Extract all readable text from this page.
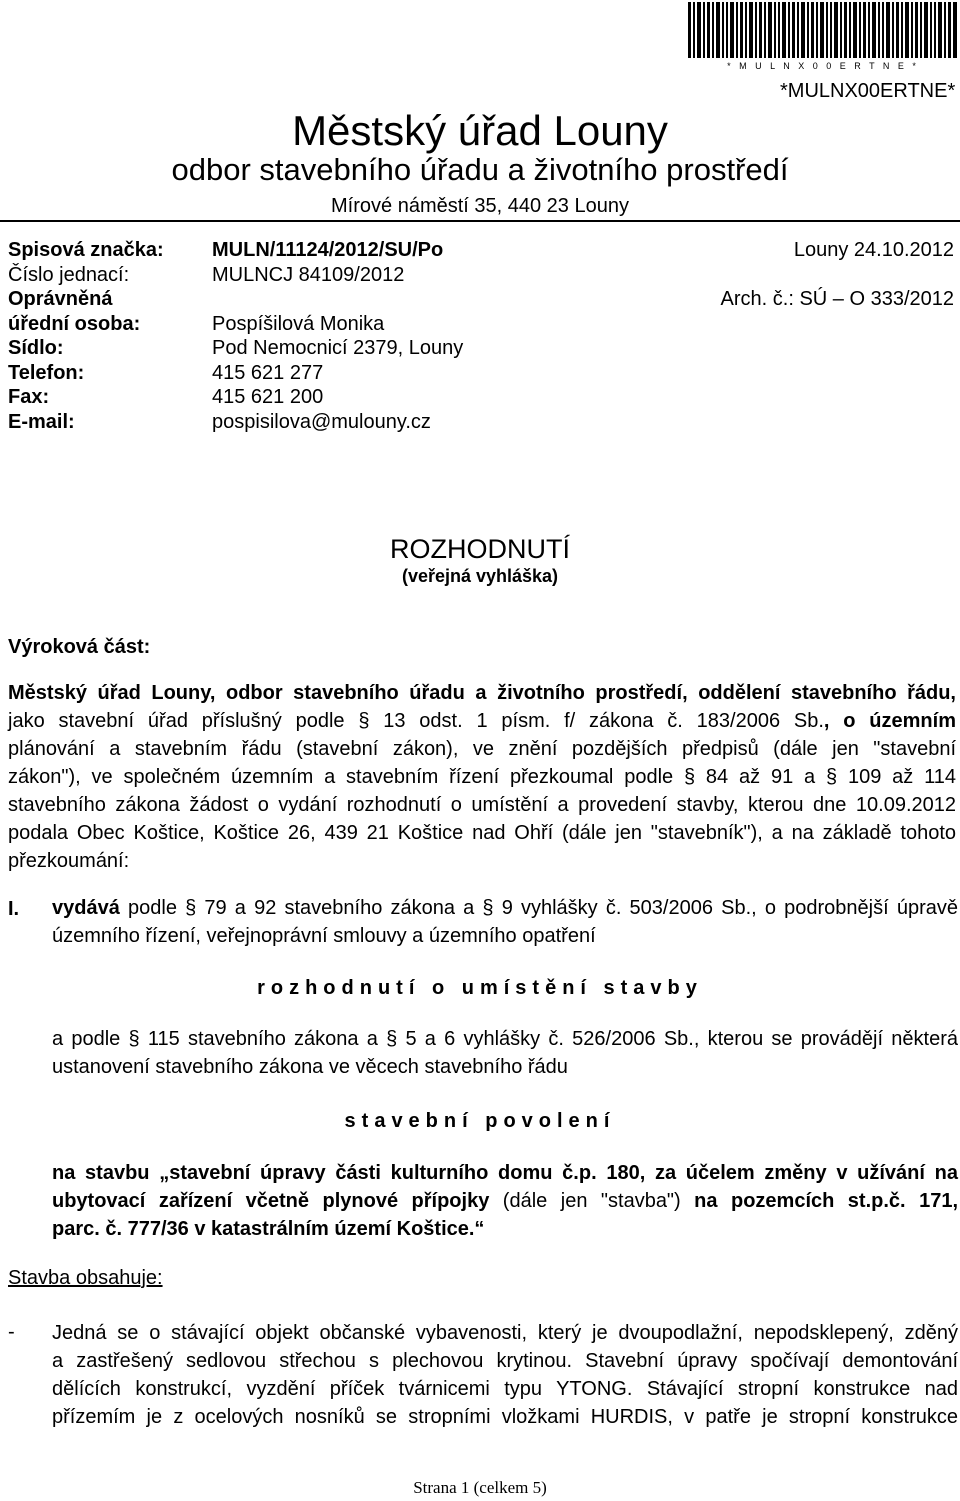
* M U L N X 0 0 E R T N E *
*MULNX00ERTNE*
Městský úřad Louny
odbor stavebního úřadu a životního prostředí
Mírové náměstí 35, 440 23 Louny
Spisová značka: MULN/11124/2012/SU/Po	Louny 24.10.2012
Číslo jednací:	MULNCJ 84109/2012
Oprávněná	Arch. č.: SÚ – O 333/2012
úřední osoba:	Pospíšilová Monika
Sídlo:	Pod Nemocnicí 2379, Louny
Telefon:	415 621 277
Fax:	415 621 200
E-mail:	pospisilova@mulouny.cz
ROZHODNUTÍ
(veřejná vyhláška)
Výroková část:
Městský úřad Louny, odbor stavebního úřadu a životního prostředí, oddělení stavebního řádu,
jako stavební úřad příslušný podle § 13 odst. 1 písm. f/ zákona č. 183/2006 Sb., o územním
plánování a stavebním řádu (stavební zákon), ve znění pozdějších předpisů (dále jen "stavební
zákon"), ve společném územním a stavebním řízení přezkoumal podle § 84 až 91 a § 109 až 114
stavebního zákona žádost o vydání rozhodnutí o umístění a provedení stavby, kterou dne 10.09.2012
podala Obec Koštice, Koštice 26, 439 21 Koštice nad Ohří (dále jen "stavebník"), a na základě tohoto
přezkoumání:
I. vydává podle § 79 a 92 stavebního zákona a § 9 vyhlášky č. 503/2006 Sb., o podrobnější úpravě
územního řízení, veřejnoprávní smlouvy a územního opatření
rozhodnutí o umístění stavby
a podle § 115 stavebního zákona a § 5 a 6 vyhlášky č. 526/2006 Sb., kterou se provádějí některá
ustanovení stavebního zákona ve věcech stavebního řádu
stavební povolení
na stavbu „stavební úpravy části kulturního domu č.p. 180, za účelem změny v užívání na
ubytovací zařízení včetně plynové přípojky (dále jen "stavba") na pozemcích st.p.č. 171,
parc. č. 777/36 v katastrálním území Koštice.“
Stavba obsahuje:
- Jedná se o stávající objekt občanské vybavenosti, který je dvoupodlažní, nepodsklepený, zděný
a zastřešený sedlovou střechou s plechovou krytinou. Stavební úpravy spočívají demontování
dělících konstrukcí, vyzdění příček tvárnicemi typu YTONG. Stávající stropní konstrukce nad
přízemím je z ocelových nosníků se stropními vložkami HURDIS, v patře je stropní konstrukce
Strana 1 (celkem 5)
